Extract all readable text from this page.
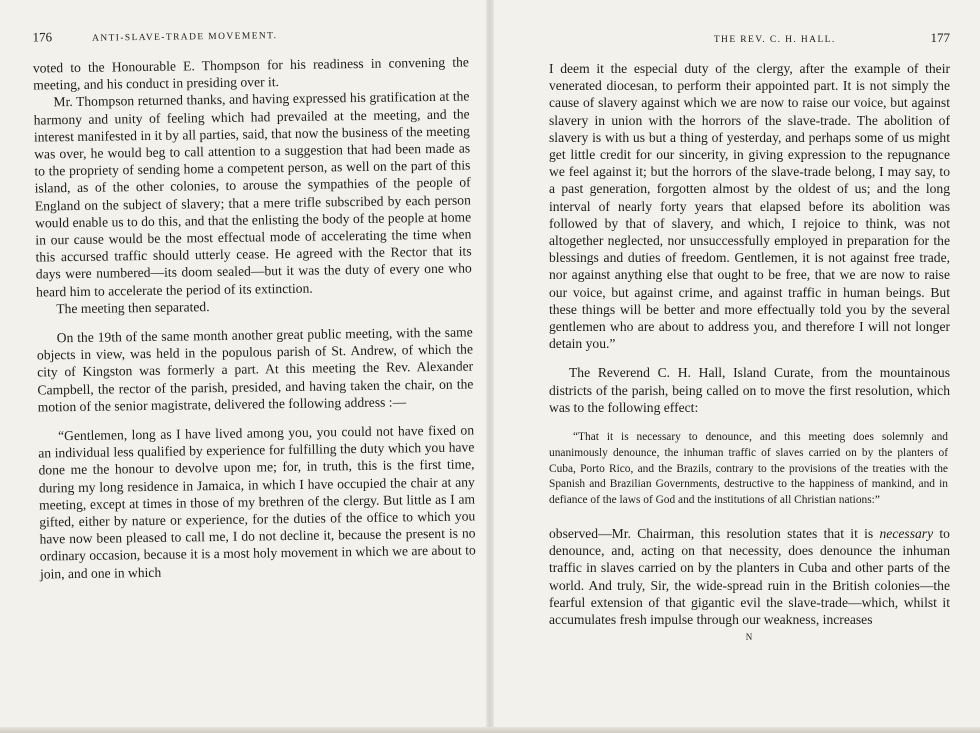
176	ANTI-SLAVE-TRADE MOVEMENT.

voted to the Honourable E. Thompson for his readiness in convening the meeting, and his conduct in presiding over it.

Mr. Thompson returned thanks, and having expressed his gratification at the harmony and unity of feeling which had prevailed at the meeting, and the interest manifested in it by all parties, said, that now the business of the meeting was over, he would beg to call attention to a suggestion that had been made as to the propriety of sending home a competent person, as well on the part of this island, as of the other colonies, to arouse the sympathies of the people of England on the subject of slavery; that a mere trifle subscribed by each person would enable us to do this, and that the enlisting the body of the people at home in our cause would be the most effectual mode of accelerating the time when this accursed traffic should utterly cease. He agreed with the Rector that its days were numbered—its doom sealed—but it was the duty of every one who heard him to accelerate the period of its extinction.

The meeting then separated.

On the 19th of the same month another great public meeting, with the same objects in view, was held in the populous parish of St. Andrew, of which the city of Kingston was formerly a part. At this meeting the Rev. Alexander Campbell, the rector of the parish, presided, and having taken the chair, on the motion of the senior magistrate, delivered the following address :—

“Gentlemen, long as I have lived among you, you could not have fixed on an individual less qualified by experience for fulfilling the duty which you have done me the honour to devolve upon me; for, in truth, this is the first time, during my long residence in Jamaica, in which I have occupied the chair at any meeting, except at times in those of my brethren of the clergy. But little as I am gifted, either by nature or experience, for the duties of the office to which you have now been pleased to call me, I do not decline it, because the present is no ordinary occasion, because it is a most holy movement in which we are about to join, and one in which

THE REV. C. H. HALL.	177

I deem it the especial duty of the clergy, after the example of their venerated diocesan, to perform their appointed part. It is not simply the cause of slavery against which we are now to raise our voice, but against slavery in union with the horrors of the slave-trade. The abolition of slavery is with us but a thing of yesterday, and perhaps some of us might get little credit for our sincerity, in giving expression to the repugnance we feel against it; but the horrors of the slave-trade belong, I may say, to a past generation, forgotten almost by the oldest of us; and the long interval of nearly forty years that elapsed before its abolition was followed by that of slavery, and which, I rejoice to think, was not altogether neglected, nor unsuccessfully employed in preparation for the blessings and duties of freedom. Gentlemen, it is not against free trade, nor against anything else that ought to be free, that we are now to raise our voice, but against crime, and against traffic in human beings. But these things will be better and more effectually told you by the several gentlemen who are about to address you, and therefore I will not longer detain you.”

The Reverend C. H. Hall, Island Curate, from the mountainous districts of the parish, being called on to move the first resolution, which was to the following effect:

“That it is necessary to denounce, and this meeting does solemnly and unanimously denounce, the inhuman traffic of slaves carried on by the planters of Cuba, Porto Rico, and the Brazils, contrary to the provisions of the treaties with the Spanish and Brazilian Governments, destructive to the happiness of mankind, and in defiance of the laws of God and the institutions of all Christian nations:”

observed—Mr. Chairman, this resolution states that it is necessary to denounce, and, acting on that necessity, does denounce the inhuman traffic in slaves carried on by the planters in Cuba and other parts of the world. And truly, Sir, the wide-spread ruin in the British colonies—the fearful extension of that gigantic evil the slave-trade—which, whilst it accumulates fresh impulse through our weakness, increases

N
